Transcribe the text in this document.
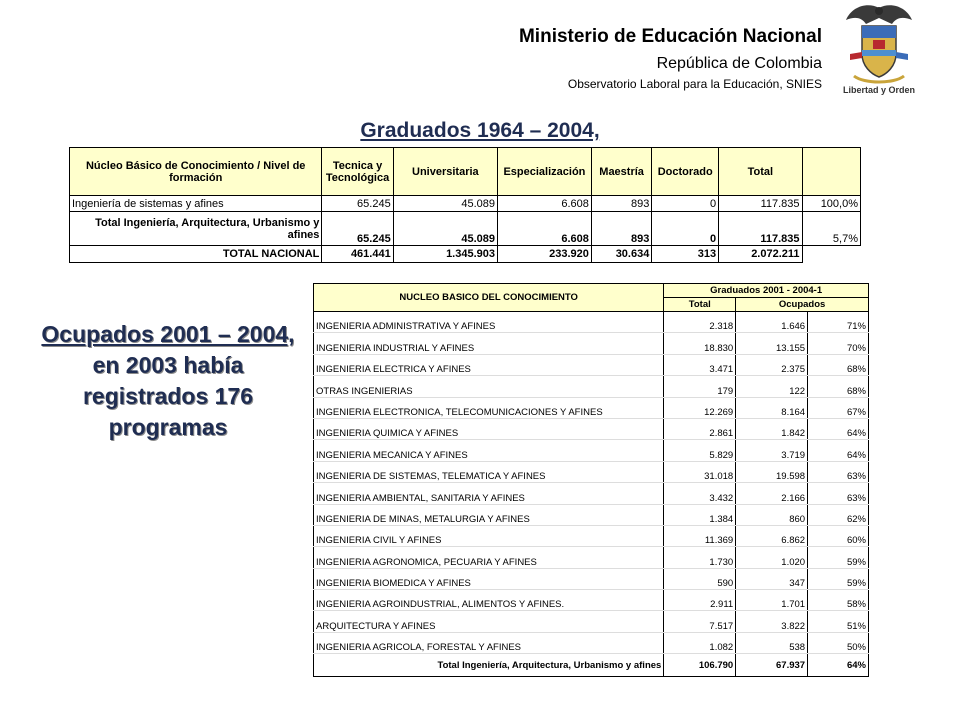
Ministerio de Educación Nacional
República de Colombia
Observatorio Laboral para la Educación, SNIES Libertad y Orden
Graduados 1964 – 2004,
Ocupados 2001 – 2004,
en 2003 había
registrados 176
programas
Núcleo Básico de Conocimiento / Nivel de formación	Tecnica y Tecnológica	Universitaria	Especialización	Maestría	Doctorado	Total	
Ingeniería de sistemas y afines	65.245	45.089	6.608	893	0	117.835	100,0%
Total Ingeniería, Arquitectura, Urbanismo y afines	65.245	45.089	6.608	893	0	117.835	5,7%
TOTAL NACIONAL	461.441	1.345.903	233.920	30.634	313	2.072.211	
NUCLEO BASICO DEL CONOCIMIENTO	Graduados 2001 - 2004-1		
	Total	Ocupados	
INGENIERIA ADMINISTRATIVA Y AFINES	2.318	1.646	71%
INGENIERIA INDUSTRIAL Y AFINES	18.830	13.155	70%
INGENIERIA ELECTRICA Y AFINES	3.471	2.375	68%
OTRAS INGENIERIAS	179	122	68%
INGENIERIA ELECTRONICA, TELECOMUNICACIONES Y AFINES	12.269	8.164	67%
INGENIERIA QUIMICA Y AFINES	2.861	1.842	64%
INGENIERIA MECANICA Y AFINES	5.829	3.719	64%
INGENIERIA DE SISTEMAS, TELEMATICA Y AFINES	31.018	19.598	63%
INGENIERIA AMBIENTAL, SANITARIA Y AFINES	3.432	2.166	63%
INGENIERIA DE MINAS, METALURGIA Y AFINES	1.384	860	62%
INGENIERIA CIVIL Y AFINES	11.369	6.862	60%
INGENIERIA AGRONOMICA, PECUARIA Y AFINES	1.730	1.020	59%
INGENIERIA BIOMEDICA Y AFINES	590	347	59%
INGENIERIA AGROINDUSTRIAL, ALIMENTOS Y AFINES.	2.911	1.701	58%
ARQUITECTURA Y AFINES	7.517	3.822	51%
INGENIERIA AGRICOLA, FORESTAL Y AFINES	1.082	538	50%
Total Ingeniería, Arquitectura, Urbanismo y afines	106.790	67.937	64%
